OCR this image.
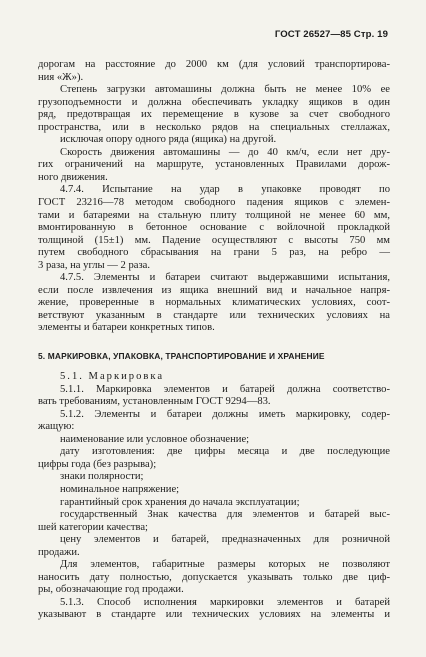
ГОСТ 26527—85 Стр. 19
дорогам на расстояние до 2000 км (для условий транспортирова-
ния «Ж»).
Степень загрузки автомашины должна быть не менее 10% ее
грузоподъемности и должна обеспечивать укладку ящиков в один
ряд, предотвращая их перемещение в кузове за счет свободного
пространства, или в несколько рядов на специальных стеллажах,
исключая опору одного ряда (ящика) на другой.
Скорость движения автомашины — до 40 км/ч, если нет дру-
гих ограничений на маршруте, установленных Правилами дорож-
ного движения.
4.7.4. Испытание на удар в упаковке проводят по
ГОСТ 23216—78 методом свободного падения ящиков с элемен-
тами и батареями на стальную плиту толщиной не менее 60 мм,
вмонтированную в бетонное основание с войлочной прокладкой
толщиной (15±1) мм. Падение осуществляют с высоты 750 мм
путем свободного сбрасывания на грани 5 раз, на ребро —
3 раза, на углы — 2 раза.
4.7.5. Элементы и батареи считают выдержавшими испытания,
если после извлечения из ящика внешний вид и начальное напря-
жение, проверенные в нормальных климатических условиях, соот-
ветствуют указанным в стандарте или технических условиях на
элементы и батареи конкретных типов.
5. МАРКИРОВКА, УПАКОВКА, ТРАНСПОРТИРОВАНИЕ И ХРАНЕНИЕ
5.1. Маркировка
5.1.1. Маркировка элементов и батарей должна соответство-
вать требованиям, установленным ГОСТ 9294—83.
5.1.2. Элементы и батареи должны иметь маркировку, содер-
жащую:
наименование или условное обозначение;
дату изготовления: две цифры месяца и две последующие
цифры года (без разрыва);
знаки полярности;
номинальное напряжение;
гарантийный срок хранения до начала эксплуатации;
государственный Знак качества для элементов и батарей выс-
шей категории качества;
цену элементов и батарей, предназначенных для розничной
продажи.
Для элементов, габаритные размеры которых не позволяют
наносить дату полностью, допускается указывать только две циф-
ры, обозначающие год продажи.
5.1.3. Способ исполнения маркировки элементов и батарей
указывают в стандарте или технических условиях на элементы и
